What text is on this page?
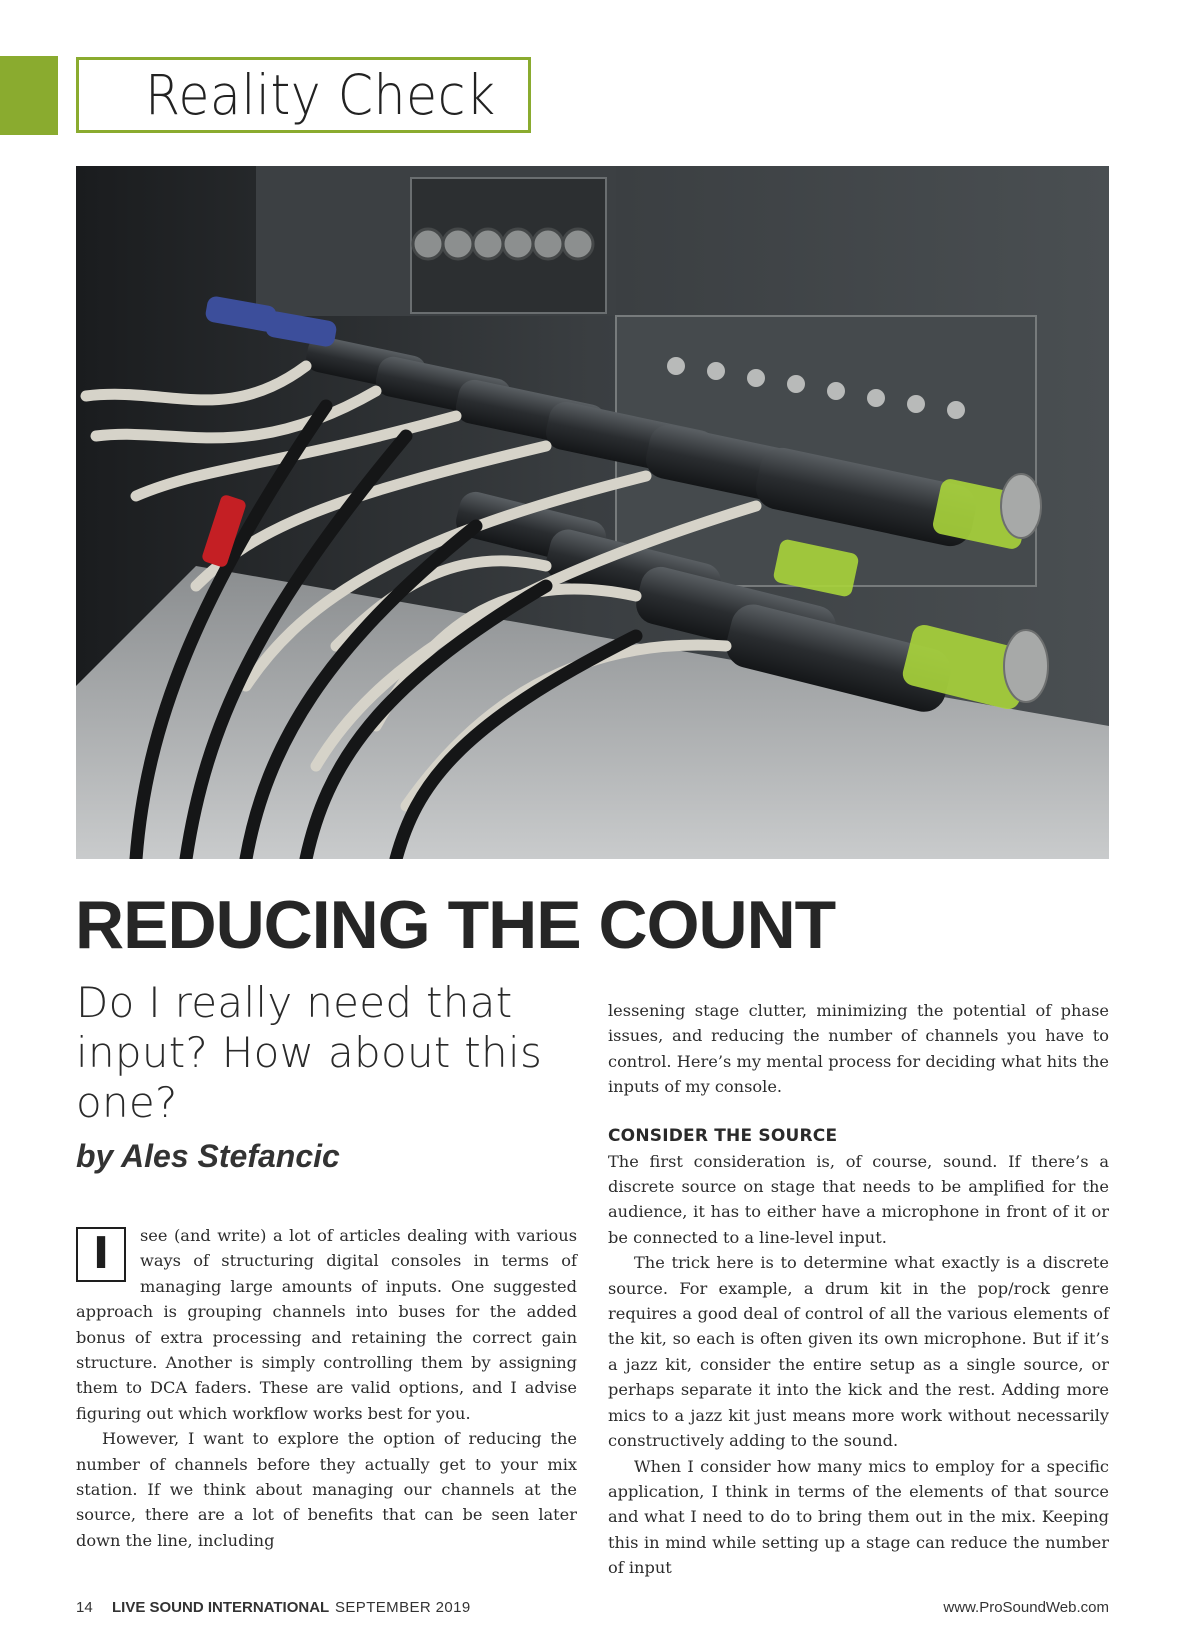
Reality Check
REDUCING THE COUNT

Do I really need that input? How about this one?

by Ales Stefancic

I	see (and write) a lot of articles dealing with various ways of structuring digital consoles in terms of managing large amounts of inputs. One suggested approach is grouping channels into buses for the added bonus of extra processing and retaining the correct gain structure. Another is simply controlling them by assigning them to DCA faders. These are valid options, and I advise figuring out which workflow works best for you.

However, I want to explore the option of reducing the number of channels before they actually get to your mix station. If we think about managing our channels at the source, there are a lot of benefits that can be seen later down the line, including

lessening stage clutter, minimizing the potential of phase issues, and reducing the number of channels you have to control. Here’s my mental process for deciding what hits the inputs of my console.

CONSIDER THE SOURCE

The first consideration is, of course, sound. If there’s a discrete source on stage that needs to be amplified for the audience, it has to either have a microphone in front of it or be connected to a line-level input.

The trick here is to determine what exactly is a discrete source. For example, a drum kit in the pop/rock genre requires a good deal of control of all the various elements of the kit, so each is often given its own microphone. But if it’s a jazz kit, consider the entire setup as a single source, or perhaps separate it into the kick and the rest. Adding more mics to a jazz kit just means more work without necessarily constructively adding to the sound.

When I consider how many mics to employ for a specific application, I think in terms of the elements of that source and what I need to do to bring them out in the mix. Keeping this in mind while setting up a stage can reduce the number of input

14 LIVE SOUND INTERNATIONAL SEPTEMBER 2019	www.ProSoundWeb.com
